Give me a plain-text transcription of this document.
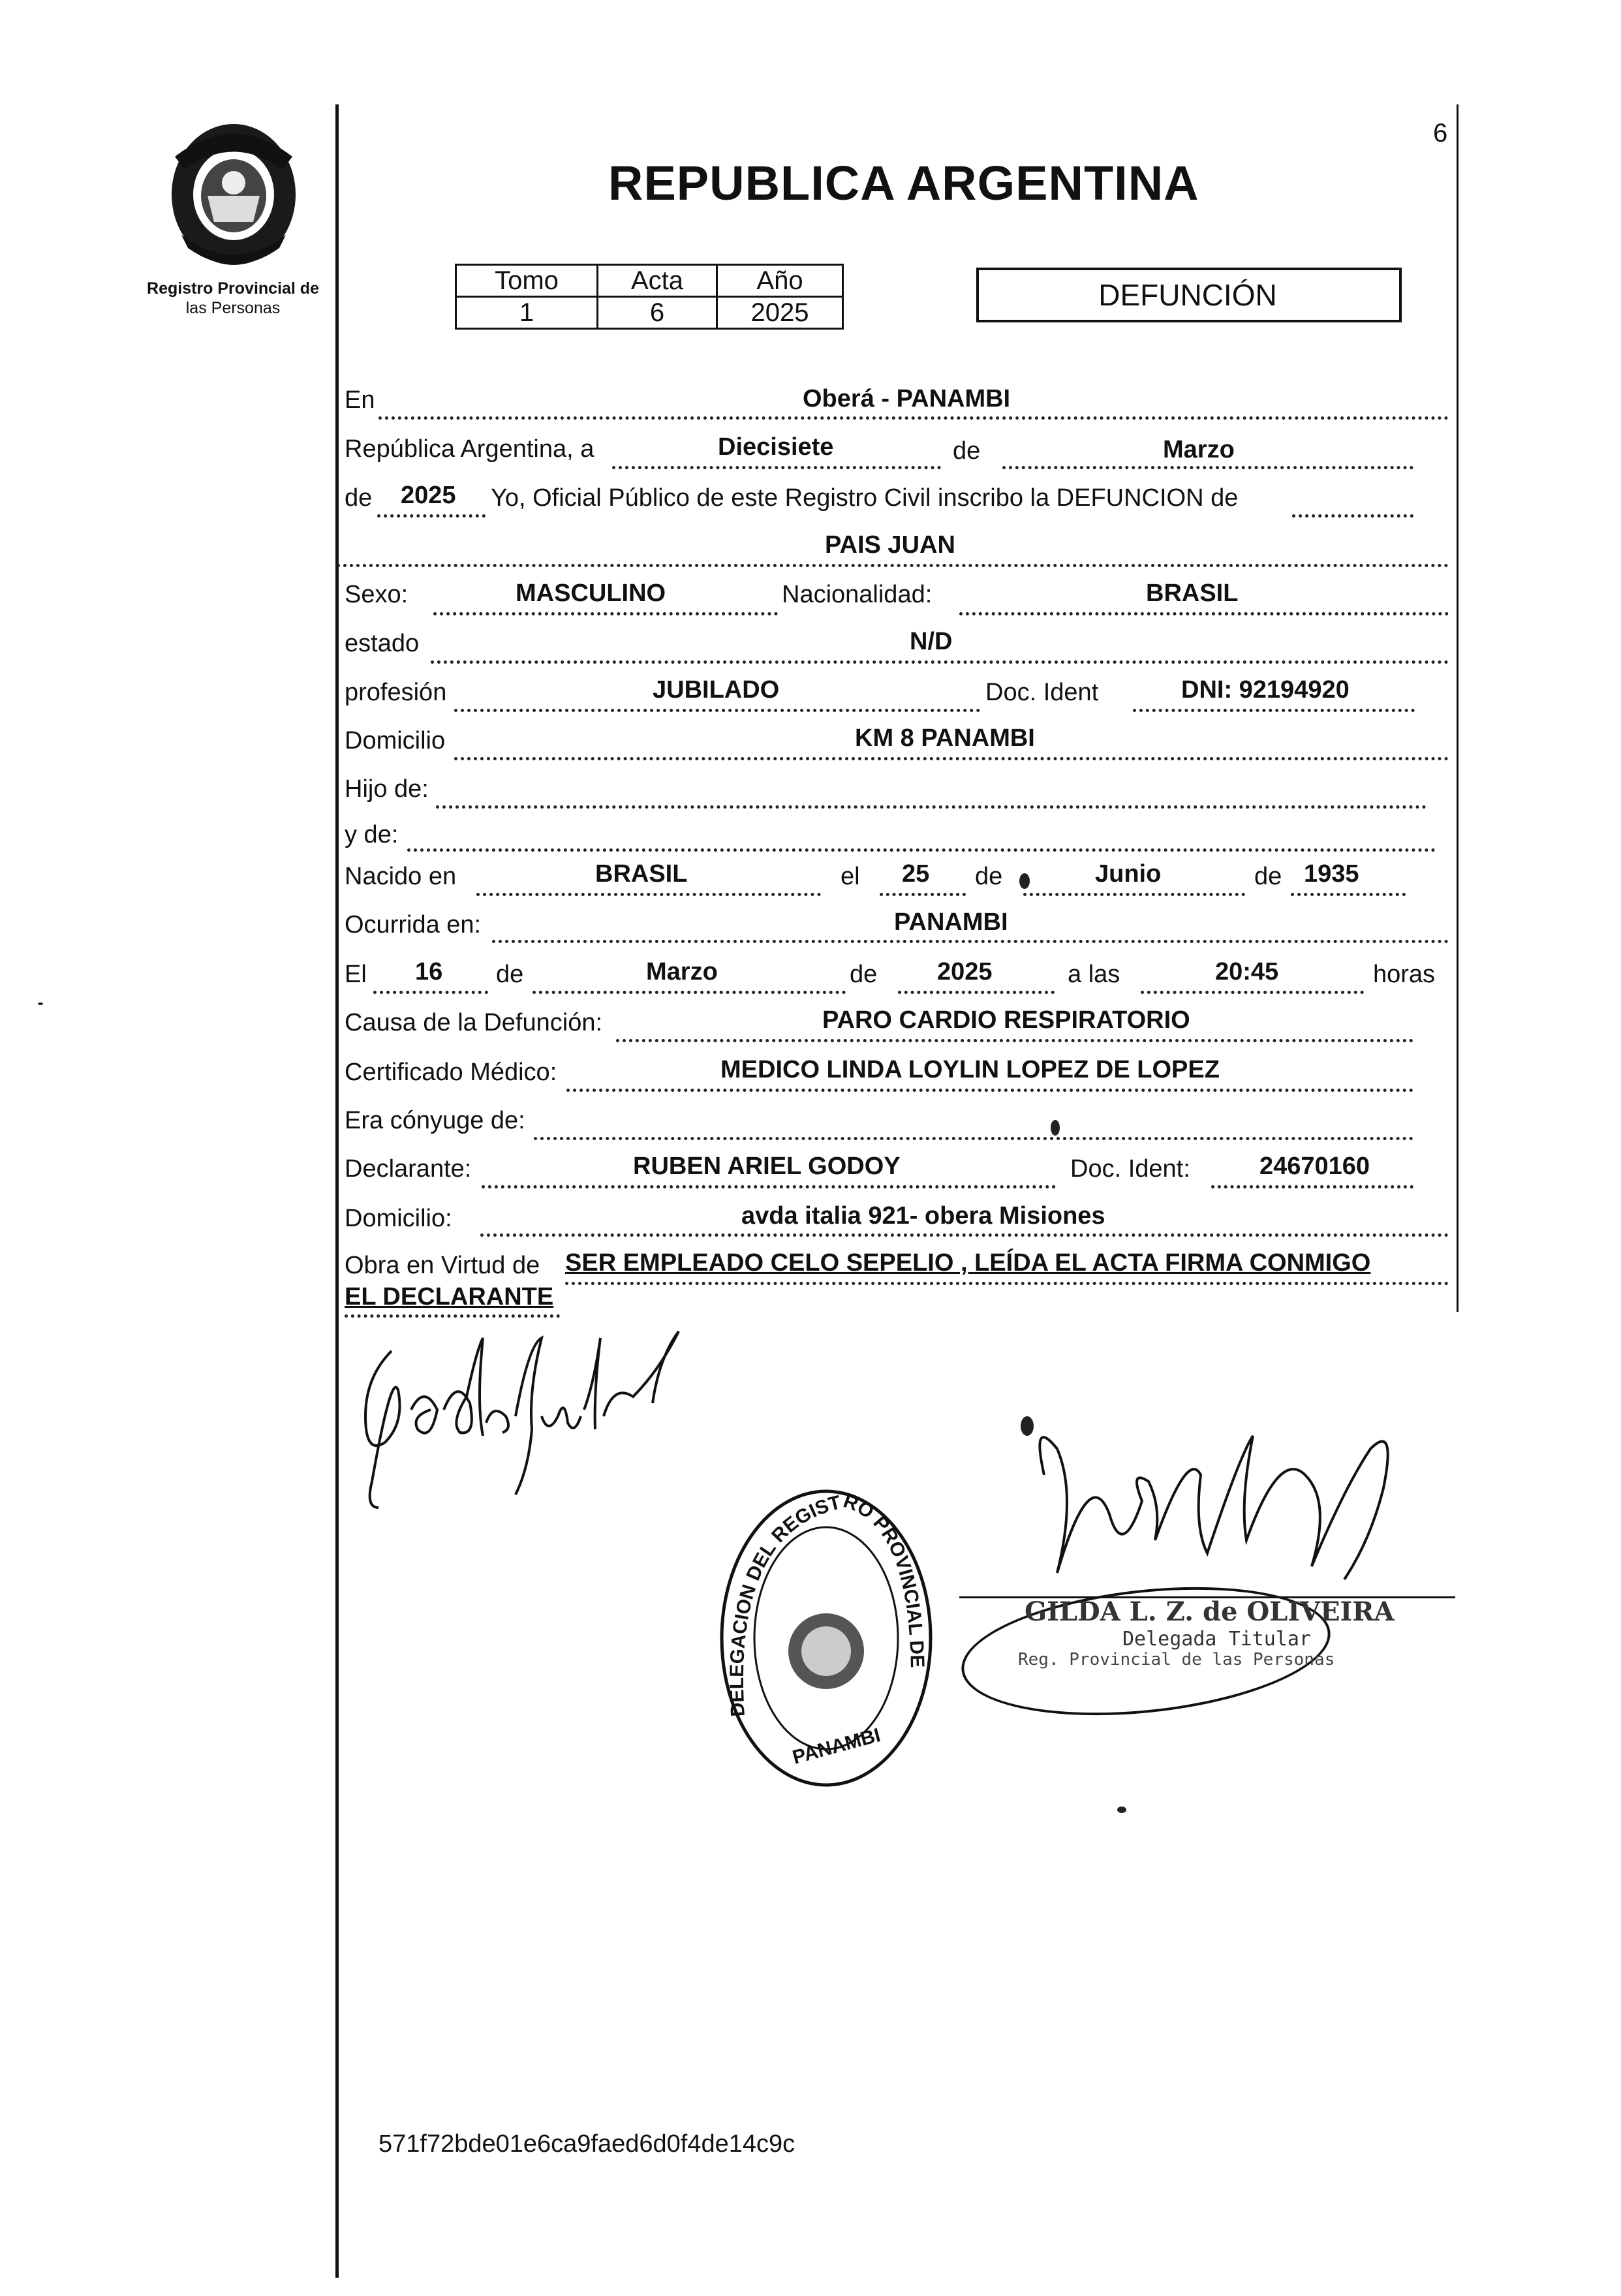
Registro Provincial de
las Personas
6
REPUBLICA ARGENTINA
Tomo	Acta	Año
1	6	2025
DEFUNCIÓN
En	Oberá - PANAMBI
República Argentina, a	Diecisiete	de	Marzo
de 2025 Yo, Oficial Público de este Registro Civil inscribo la DEFUNCION de
PAIS JUAN
Sexo:	MASCULINO	Nacionalidad:	BRASIL
estado	N/D
profesión	JUBILADO	Doc. Ident	DNI: 92194920
Domicilio	KM 8 PANAMBI
Hijo de:
y de:
Nacido en	BRASIL	el 25 de	Junio	de 1935
Ocurrida en:	PANAMBI
El 16 de	Marzo	de 2025	a las	20:45	horas
Causa de la Defunción:	PARO CARDIO RESPIRATORIO
Certificado Médico:	MEDICO LINDA LOYLIN LOPEZ DE LOPEZ
Era cónyuge de:
Declarante:	RUBEN ARIEL GODOY	Doc. Ident:	24670160
Domicilio:	avda italia 921- obera Misiones
Obra en Virtud de SER EMPLEADO CELO SEPELIO , LEÍDA EL ACTA FIRMA CONMIGO
EL DECLARANTE
DELEGACION DEL REGISTRO PROVINCIAL DE
PANAMBI
GILDA L. Z. de OLIVEIRA
Delegada Titular
Reg. Provincial de las Personas
571f72bde01e6ca9faed6d0f4de14c9c
